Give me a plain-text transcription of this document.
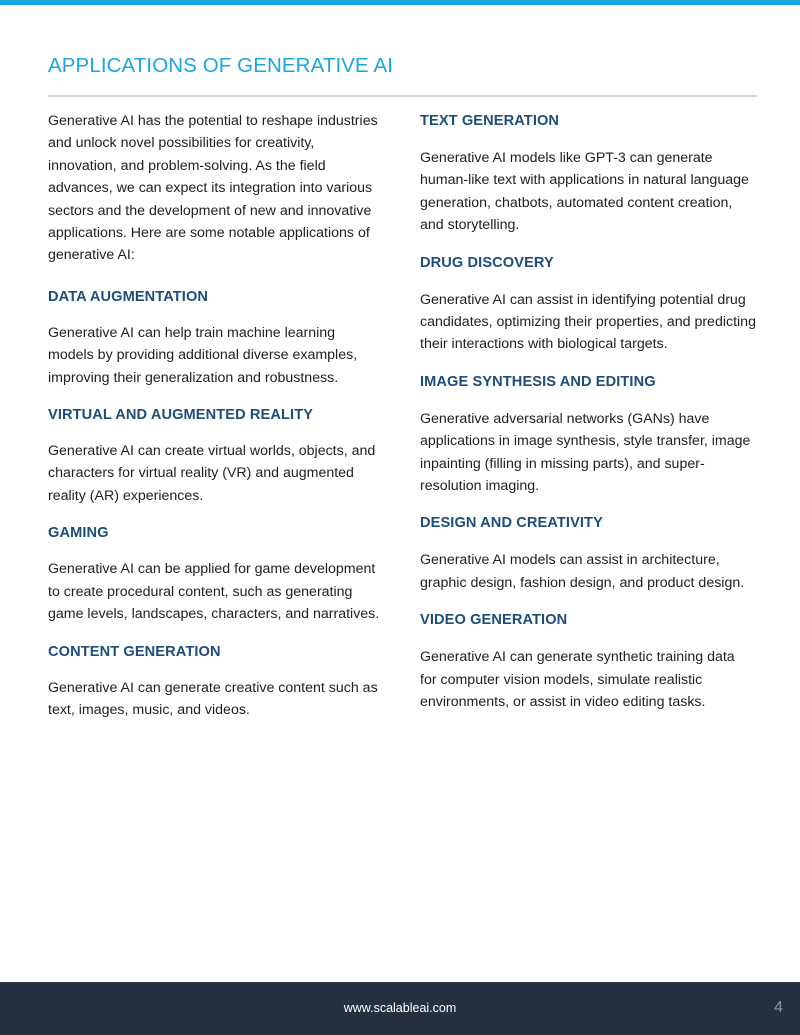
APPLICATIONS OF GENERATIVE AI

Generative AI has the potential to reshape industries and unlock novel possibilities for creativity, innovation, and problem-solving. As the field advances, we can expect its integration into various sectors and the development of new and innovative applications. Here are some notable applications of generative AI:

DATA AUGMENTATION

Generative AI can help train machine learning models by providing additional diverse examples, improving their generalization and robustness.

VIRTUAL AND AUGMENTED REALITY

Generative AI can create virtual worlds, objects, and characters for virtual reality (VR) and augmented reality (AR) experiences.

GAMING

Generative AI can be applied for game development to create procedural content, such as generating game levels, landscapes, characters, and narratives.

CONTENT GENERATION

Generative AI can generate creative content such as text, images, music, and videos.

TEXT GENERATION

Generative AI models like GPT-3 can generate human-like text with applications in natural language generation, chatbots, automated content creation, and storytelling.

DRUG DISCOVERY

Generative AI can assist in identifying potential drug candidates, optimizing their properties, and predicting their interactions with biological targets.

IMAGE SYNTHESIS AND EDITING

Generative adversarial networks (GANs) have applications in image synthesis, style transfer, image inpainting (filling in missing parts), and super-resolution imaging.

DESIGN AND CREATIVITY

Generative AI models can assist in architecture, graphic design, fashion design, and product design.

VIDEO GENERATION

Generative AI can generate synthetic training data for computer vision models, simulate realistic environments, or assist in video editing tasks.

www.scalableai.com	4
